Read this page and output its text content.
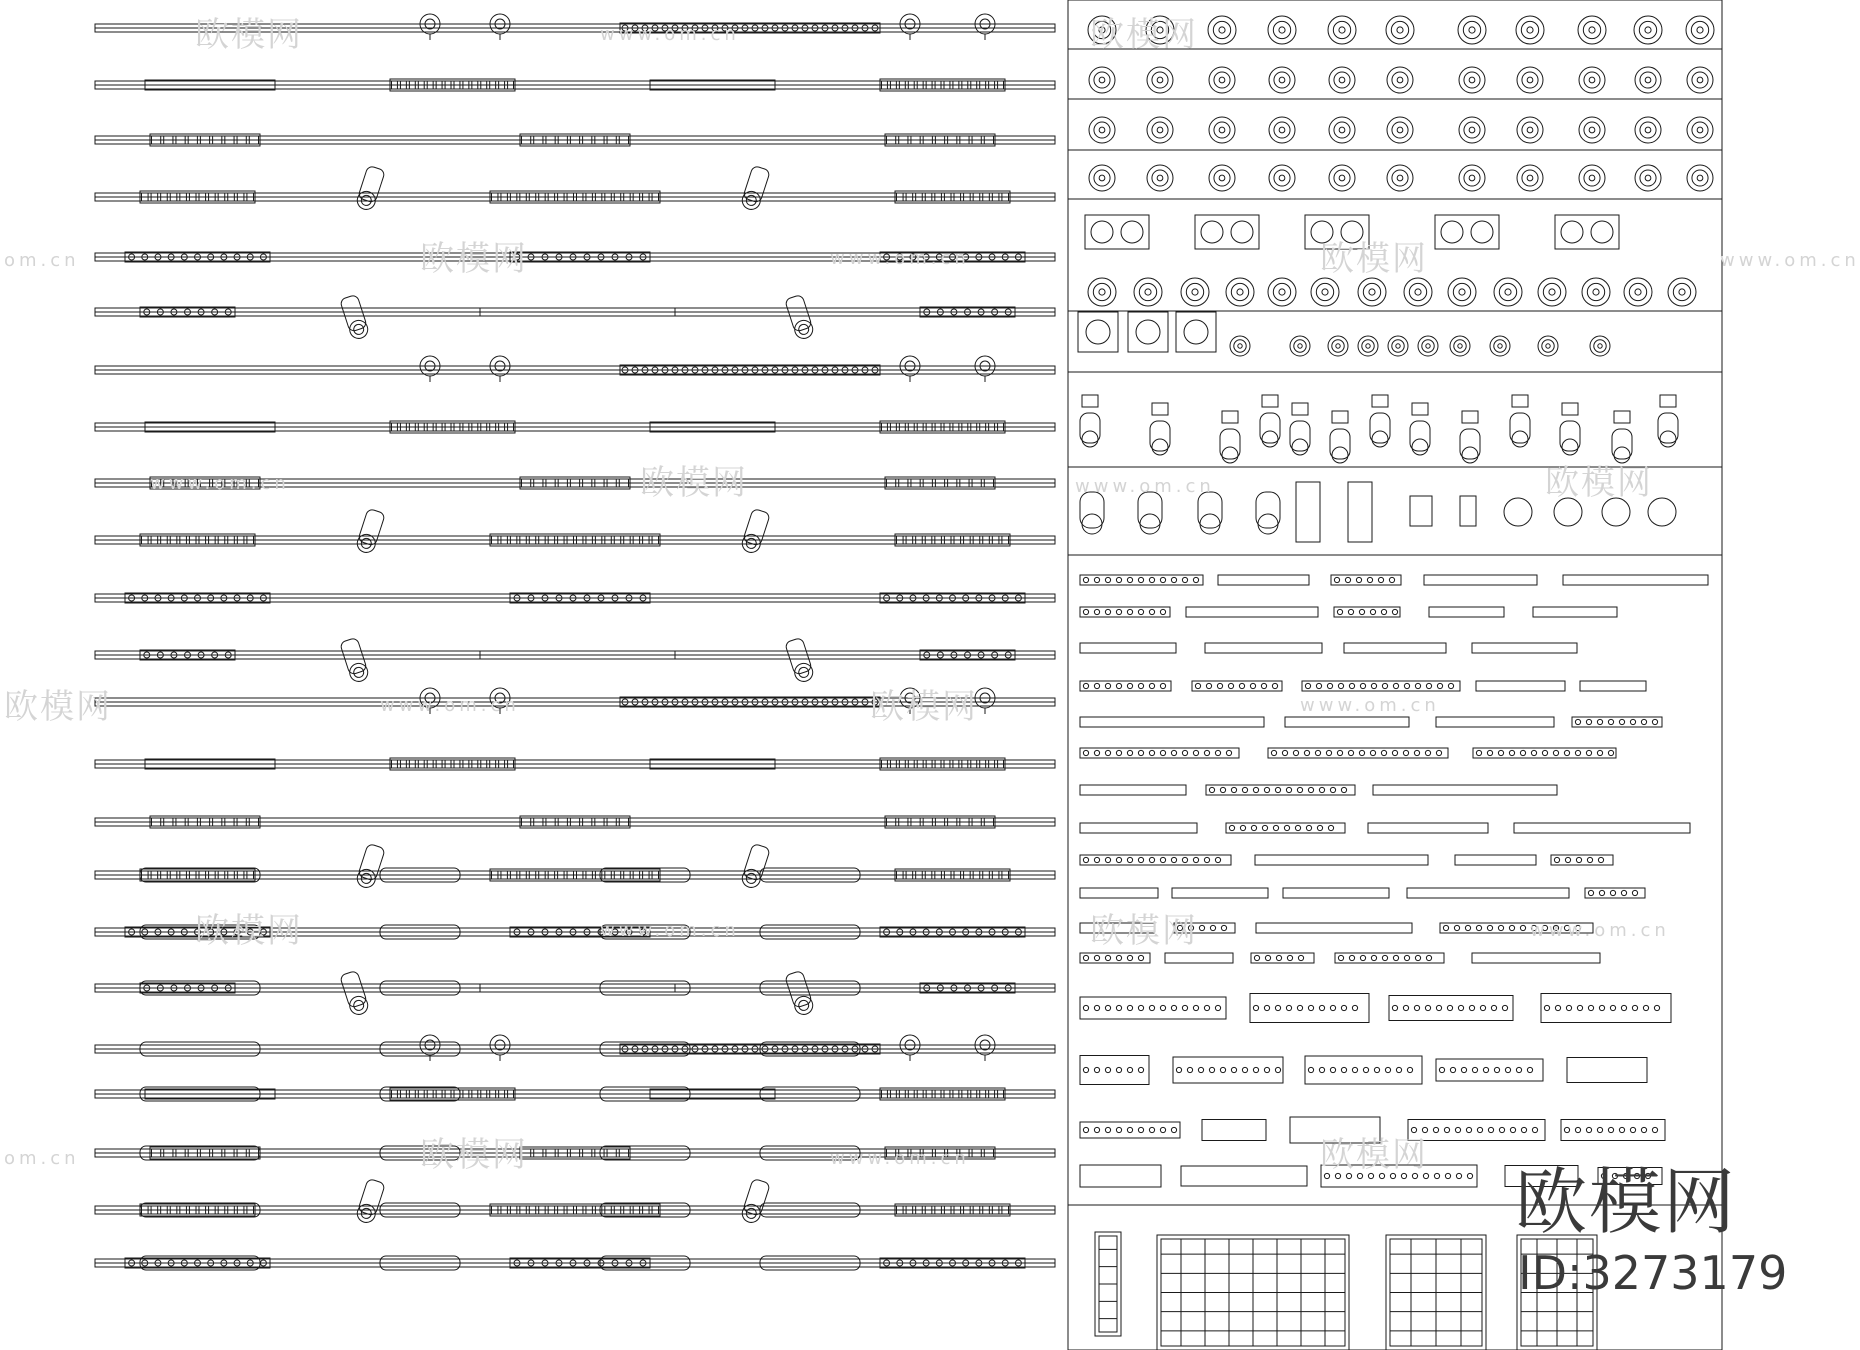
欧模网	www.om.cn	欧模网
欧模网	www.om.cn	欧模网
om.cn	www.om.cn
www.om.cn	欧模网	www.om.cn	欧模网
欧模网	www.om.cn	欧模网	www.om.cn
欧模网	www.om.cn	欧模网	www.om.cn
om.cn	欧模网	www.om.cn	欧模网
欧模网
ID:3273179
